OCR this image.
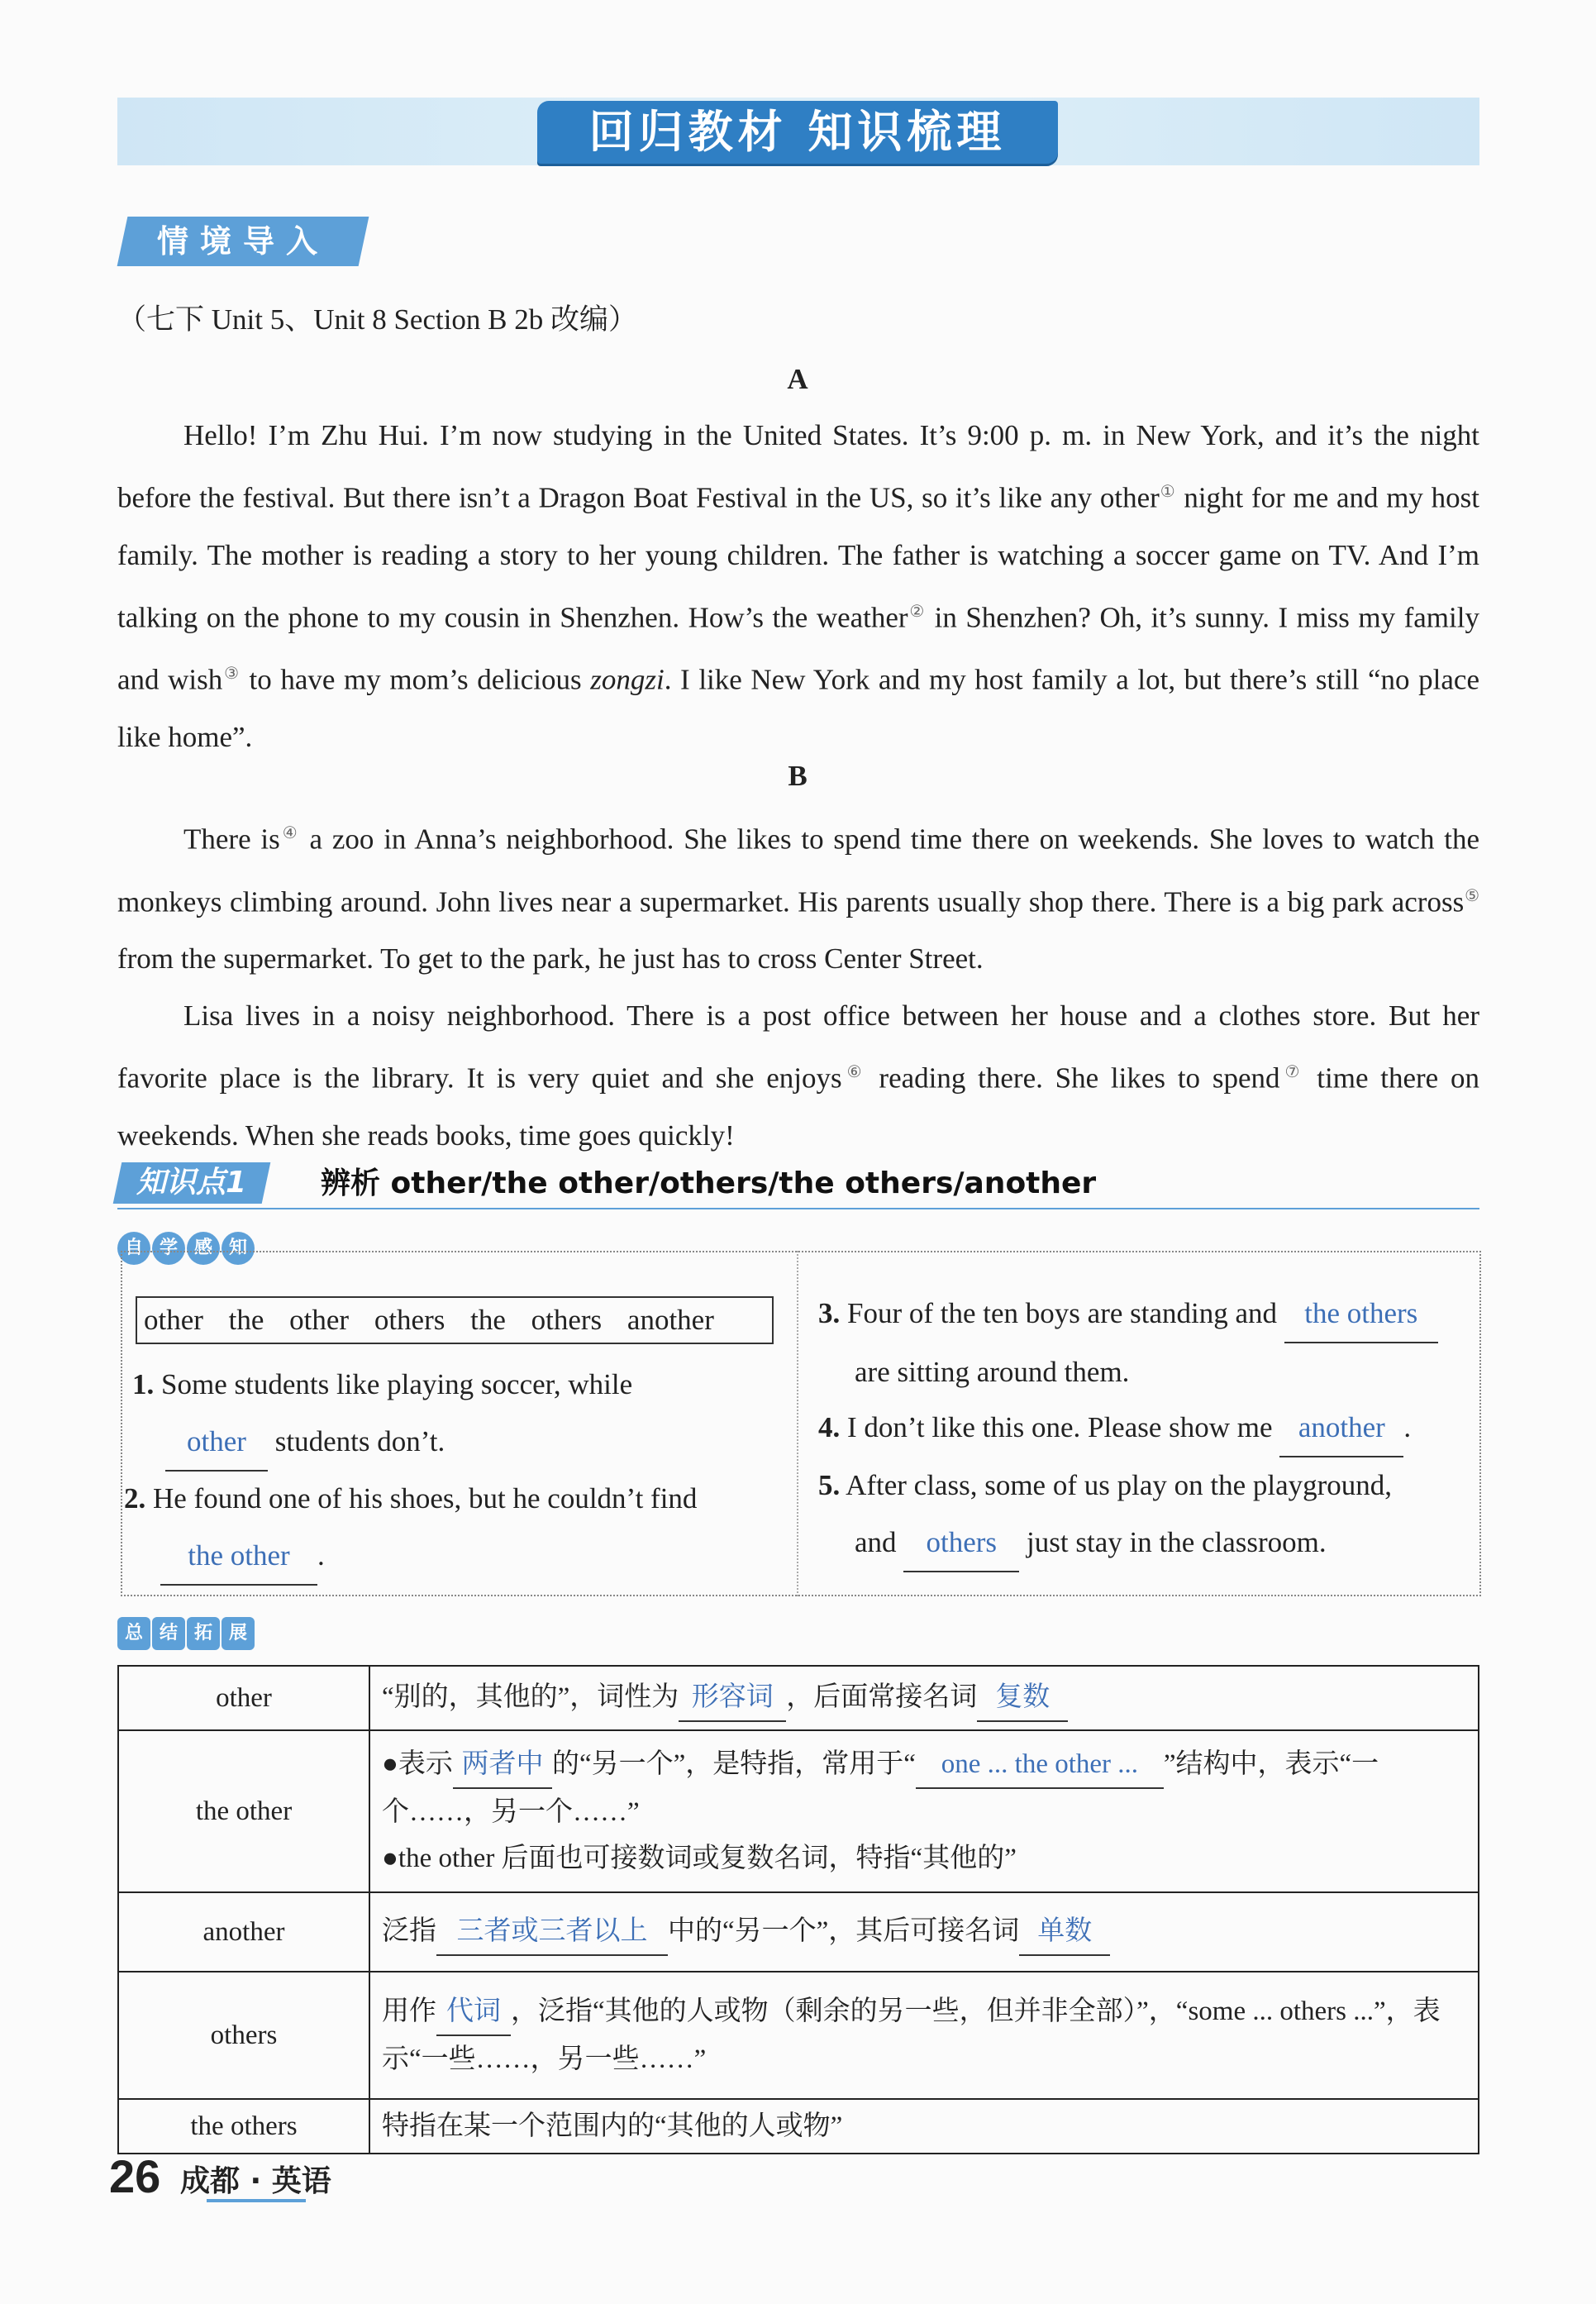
回归教材 知识梳理
情境导入
（七下 Unit 5、Unit 8 Section B 2b 改编）
A

Hello! I’m Zhu Hui. I’m now studying in the United States. It’s 9:00 p. m. in New York, and it’s the night before the festival. But there isn’t a Dragon Boat Festival in the US, so it’s like any other① night for me and my host family. The mother is reading a story to her young children. The father is watching a soccer game on TV. And I’m talking on the phone to my cousin in Shenzhen. How’s the weather② in Shenzhen? Oh, it’s sunny. I miss my family and wish③ to have my mom’s delicious zongzi. I like New York and my host family a lot, but there’s still “no place like home”.

B

There is④ a zoo in Anna’s neighborhood. She likes to spend time there on weekends. She loves to watch the monkeys climbing around. John lives near a supermarket. His parents usually shop there. There is a big park across⑤ from the supermarket. To get to the park, he just has to cross Center Street.

Lisa lives in a noisy neighborhood. There is a post office between her house and a clothes store. But her favorite place is the library. It is very quiet and she enjoys⑥ reading there. She likes to spend⑦ time there on weekends. When she reads books, time goes quickly!

知识点1	辨析 other/the other/others/the others/another
自 学 感 知
other the other others the others another
1. Some students like playing soccer, while
other students don’t.
2. He found one of his shoes, but he couldn’t find
the other .
3. Four of the ten boys are standing and the others
are sitting around them.
4. I don’t like this one. Please show me another .
5. After class, some of us play on the playground,
and others just stay in the classroom.
总 结 拓 展
other	“别的，其他的”，词性为 形容词 ，后面常接名词 复数
the other	●表示 两者中 的“另一个”，是特指，常用于“ one ... the other ... ”结构中，表示“一个……，另一个……”
●the other 后面也可接数词或复数名词，特指“其他的”
another	泛指 三者或三者以上 中的“另一个”，其后可接名词 单数
others	用作 代词 ，泛指“其他的人或物（剩余的另一些，但并非全部）”，“some ... others ...”，表示“一些……，另一些……”
the others	特指在某一个范围内的“其他的人或物”
26 成都 · 英语
